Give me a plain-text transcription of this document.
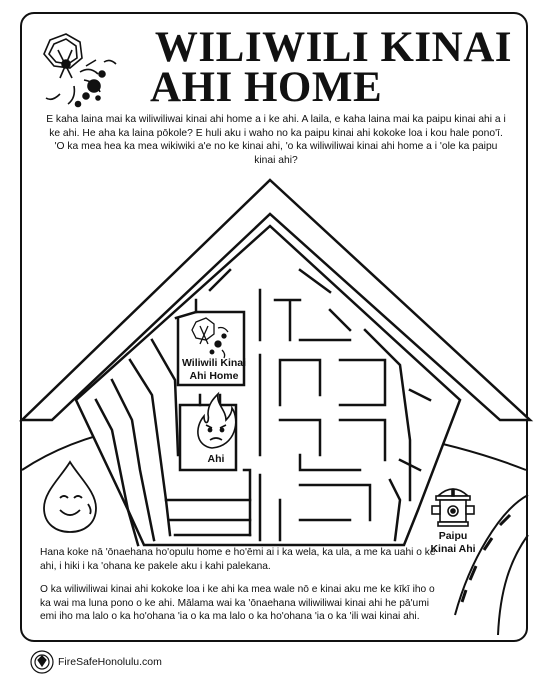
WILIWILI KINAI
AHI HOME
E kaha laina mai ka wiliwiliwai kinai ahi home a i ke ahi. A laila, e kaha laina mai ka paipu kinai ahi a i ke ahi. He aha ka laina pōkole? E huli aku i waho no ka paipu kinai ahi kokoke loa i kou hale pono'ī. 'O ka mea hea ka mea wikiwiki a'e no ke kinai ahi, 'o ka wiliwiliwai kinai ahi home a i 'ole ka paipu kinai ahi?
Wiliwili Kinai
Ahi Home
Ahi
Paipu
Kinai Ahi
Hana koke nā 'ōnaehana ho'opulu home e ho'ēmi ai i ka wela, ka ula, a me ka uahi o ke ahi, i hiki i ka 'ohana ke pakele aku i kahi palekana.
O ka wiliwiliwai kinai ahi kokoke loa i ke ahi ka mea wale nō e kinai aku me ke kīkī iho o ka wai ma luna pono o ke ahi. Mālama wai ka 'ōnaehana wiliwiliwai kinai ahi he pā'umi emi iho ma lalo o ka ho'ohana 'ia o ka ma lalo o ka ho'ohana 'ia o ka 'ili wai kinai ahi.
FireSafeHonolulu.com
